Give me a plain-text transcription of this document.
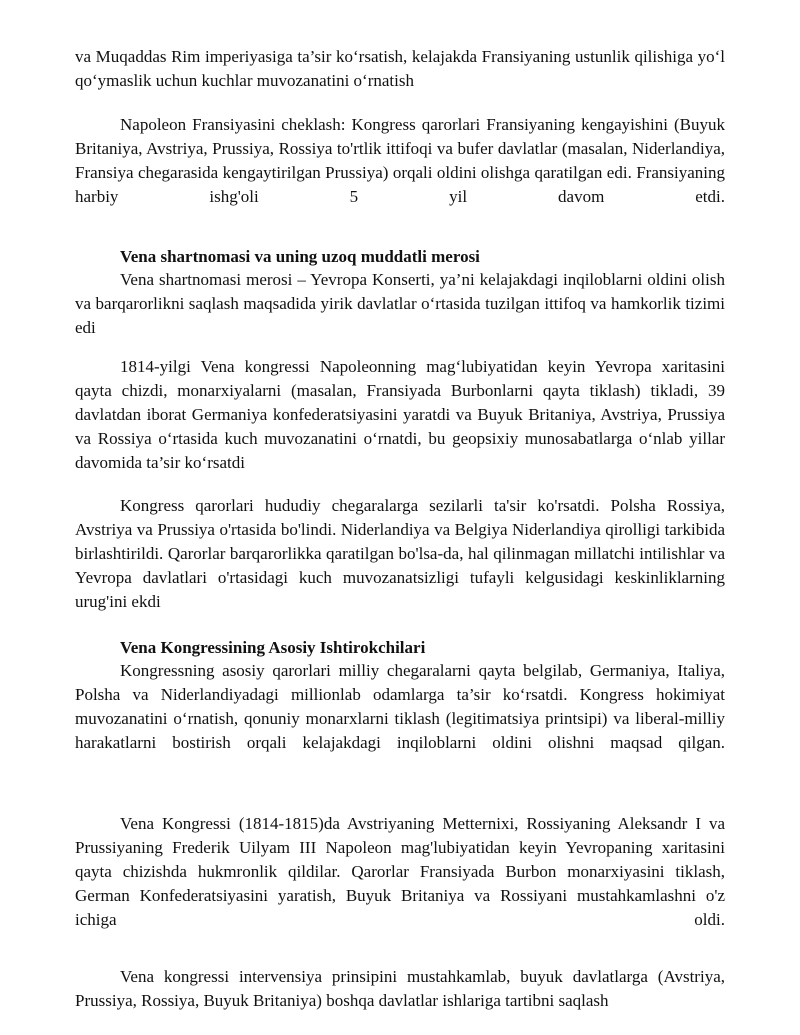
va Muqaddas Rim imperiyasiga ta’sir ko‘rsatish, kelajakda Fransiyaning ustunlik qilishiga yo‘l qo‘ymaslik uchun kuchlar muvozanatini o‘rnatish

Napoleon Fransiyasini cheklash: Kongress qarorlari Fransiyaning kengayishini (Buyuk Britaniya, Avstriya, Prussiya, Rossiya to'rtlik ittifoqi va bufer davlatlar (masalan, Niderlandiya, Fransiya chegarasida kengaytirilgan Prussiya) orqali oldini olishga qaratilgan edi. Fransiyaning harbiy ishg'oli 5 yil davom etdi.

Vena shartnomasi va uning uzoq muddatli merosi

Vena shartnomasi merosi – Yevropa Konserti, ya’ni kelajakdagi inqiloblarni oldini olish va barqarorlikni saqlash maqsadida yirik davlatlar o‘rtasida tuzilgan ittifoq va hamkorlik tizimi edi

1814-yilgi Vena kongressi Napoleonning mag‘lubiyatidan keyin Yevropa xaritasini qayta chizdi, monarxiyalarni (masalan, Fransiyada Burbonlarni qayta tiklash) tikladi, 39 davlatdan iborat Germaniya konfederatsiyasini yaratdi va Buyuk Britaniya, Avstriya, Prussiya va Rossiya o‘rtasida kuch muvozanatini o‘rnatdi, bu geopsixiy munosabatlarga o‘nlab yillar davomida ta’sir ko‘rsatdi

Kongress qarorlari hududiy chegaralarga sezilarli ta'sir ko'rsatdi. Polsha Rossiya, Avstriya va Prussiya o'rtasida bo'lindi. Niderlandiya va Belgiya Niderlandiya qirolligi tarkibida birlashtirildi. Qarorlar barqarorlikka qaratilgan bo'lsa-da, hal qilinmagan millatchi intilishlar va Yevropa davlatlari o'rtasidagi kuch muvozanatsizligi tufayli kelgusidagi keskinliklarning urug'ini ekdi

Vena Kongressining Asosiy Ishtirokchilari

Kongressning asosiy qarorlari milliy chegaralarni qayta belgilab, Germaniya, Italiya, Polsha va Niderlandiyadagi millionlab odamlarga ta’sir ko‘rsatdi. Kongress hokimiyat muvozanatini o‘rnatish, qonuniy monarxlarni tiklash (legitimatsiya printsipi) va liberal-milliy harakatlarni bostirish orqali kelajakdagi inqiloblarni oldini olishni maqsad qilgan.

Vena Kongressi (1814-1815)da Avstriyaning Metternixi, Rossiyaning Aleksandr I va Prussiyaning Frederik Uilyam III Napoleon mag'lubiyatidan keyin Yevropaning xaritasini qayta chizishda hukmronlik qildilar. Qarorlar Fransiyada Burbon monarxiyasini tiklash, German Konfederatsiyasini yaratish, Buyuk Britaniya va Rossiyani mustahkamlashni o'z ichiga oldi.

Vena kongressi intervensiya prinsipini mustahkamlab, buyuk davlatlarga (Avstriya, Prussiya, Rossiya, Buyuk Britaniya) boshqa davlatlar ishlariga tartibni saqlash
